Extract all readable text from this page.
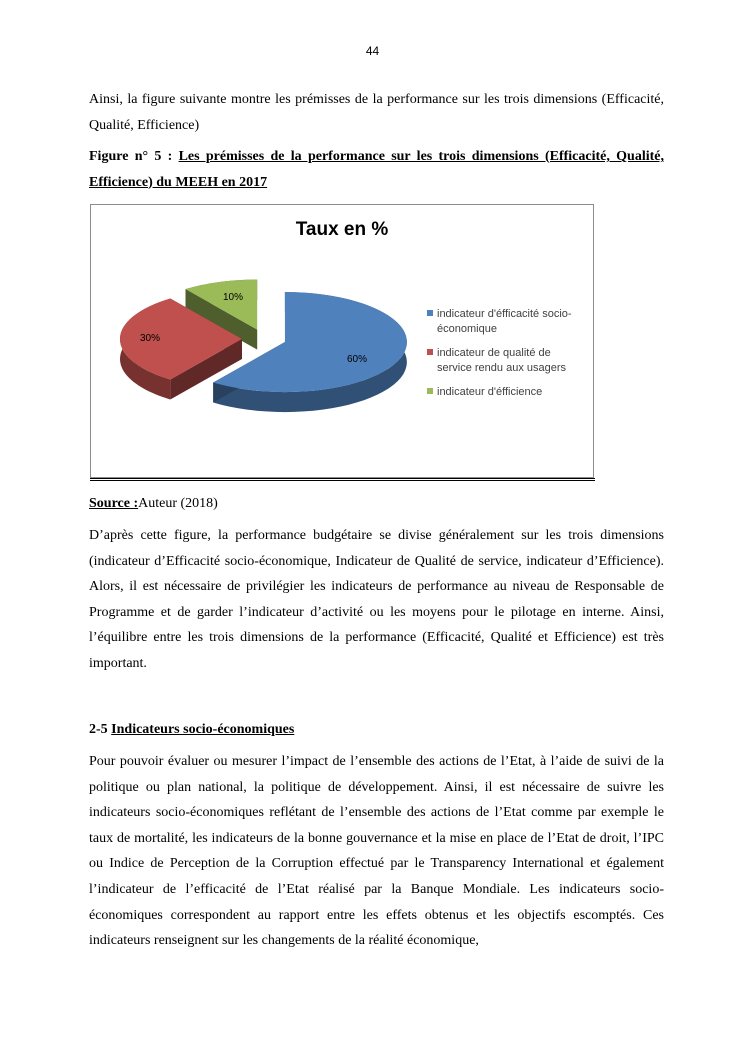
44

Ainsi, la figure suivante montre les prémisses de la performance sur les trois dimensions (Efficacité, Qualité, Efficience)

Figure n° 5 : Les prémisses de la performance sur les trois dimensions (Efficacité, Qualité, Efficience) du MEEH en 2017

Taux en %
60%
30%
10%
indicateur d'éfficacité socio-
économique
indicateur de qualité de
service rendu aux usagers
indicateur d'éfficience

Source :Auteur (2018)

D’après cette figure, la performance budgétaire se divise généralement sur les trois dimensions (indicateur d’Efficacité socio-économique, Indicateur de Qualité de service, indicateur d’Efficience). Alors, il est nécessaire de privilégier les indicateurs de performance au niveau de Responsable de Programme et de garder l’indicateur d’activité ou les moyens pour le pilotage en interne. Ainsi, l’équilibre entre les trois dimensions de la performance (Efficacité, Qualité et Efficience) est très important.

2-5 Indicateurs socio-économiques

Pour pouvoir évaluer ou mesurer l’impact de l’ensemble des actions de l’Etat, à l’aide de suivi de la politique ou plan national, la politique de développement. Ainsi, il est nécessaire de suivre les indicateurs socio-économiques reflétant de l’ensemble des actions de l’Etat comme par exemple le taux de mortalité, les indicateurs de la bonne gouvernance et la mise en place de l’Etat de droit, l’IPC ou Indice de Perception de la Corruption effectué par le Transparency International et également l’indicateur de l’efficacité de l’Etat réalisé par la Banque Mondiale. Les indicateurs socio-économiques correspondent au rapport entre les effets obtenus et les objectifs escomptés. Ces indicateurs renseignent sur les changements de la réalité économique,
